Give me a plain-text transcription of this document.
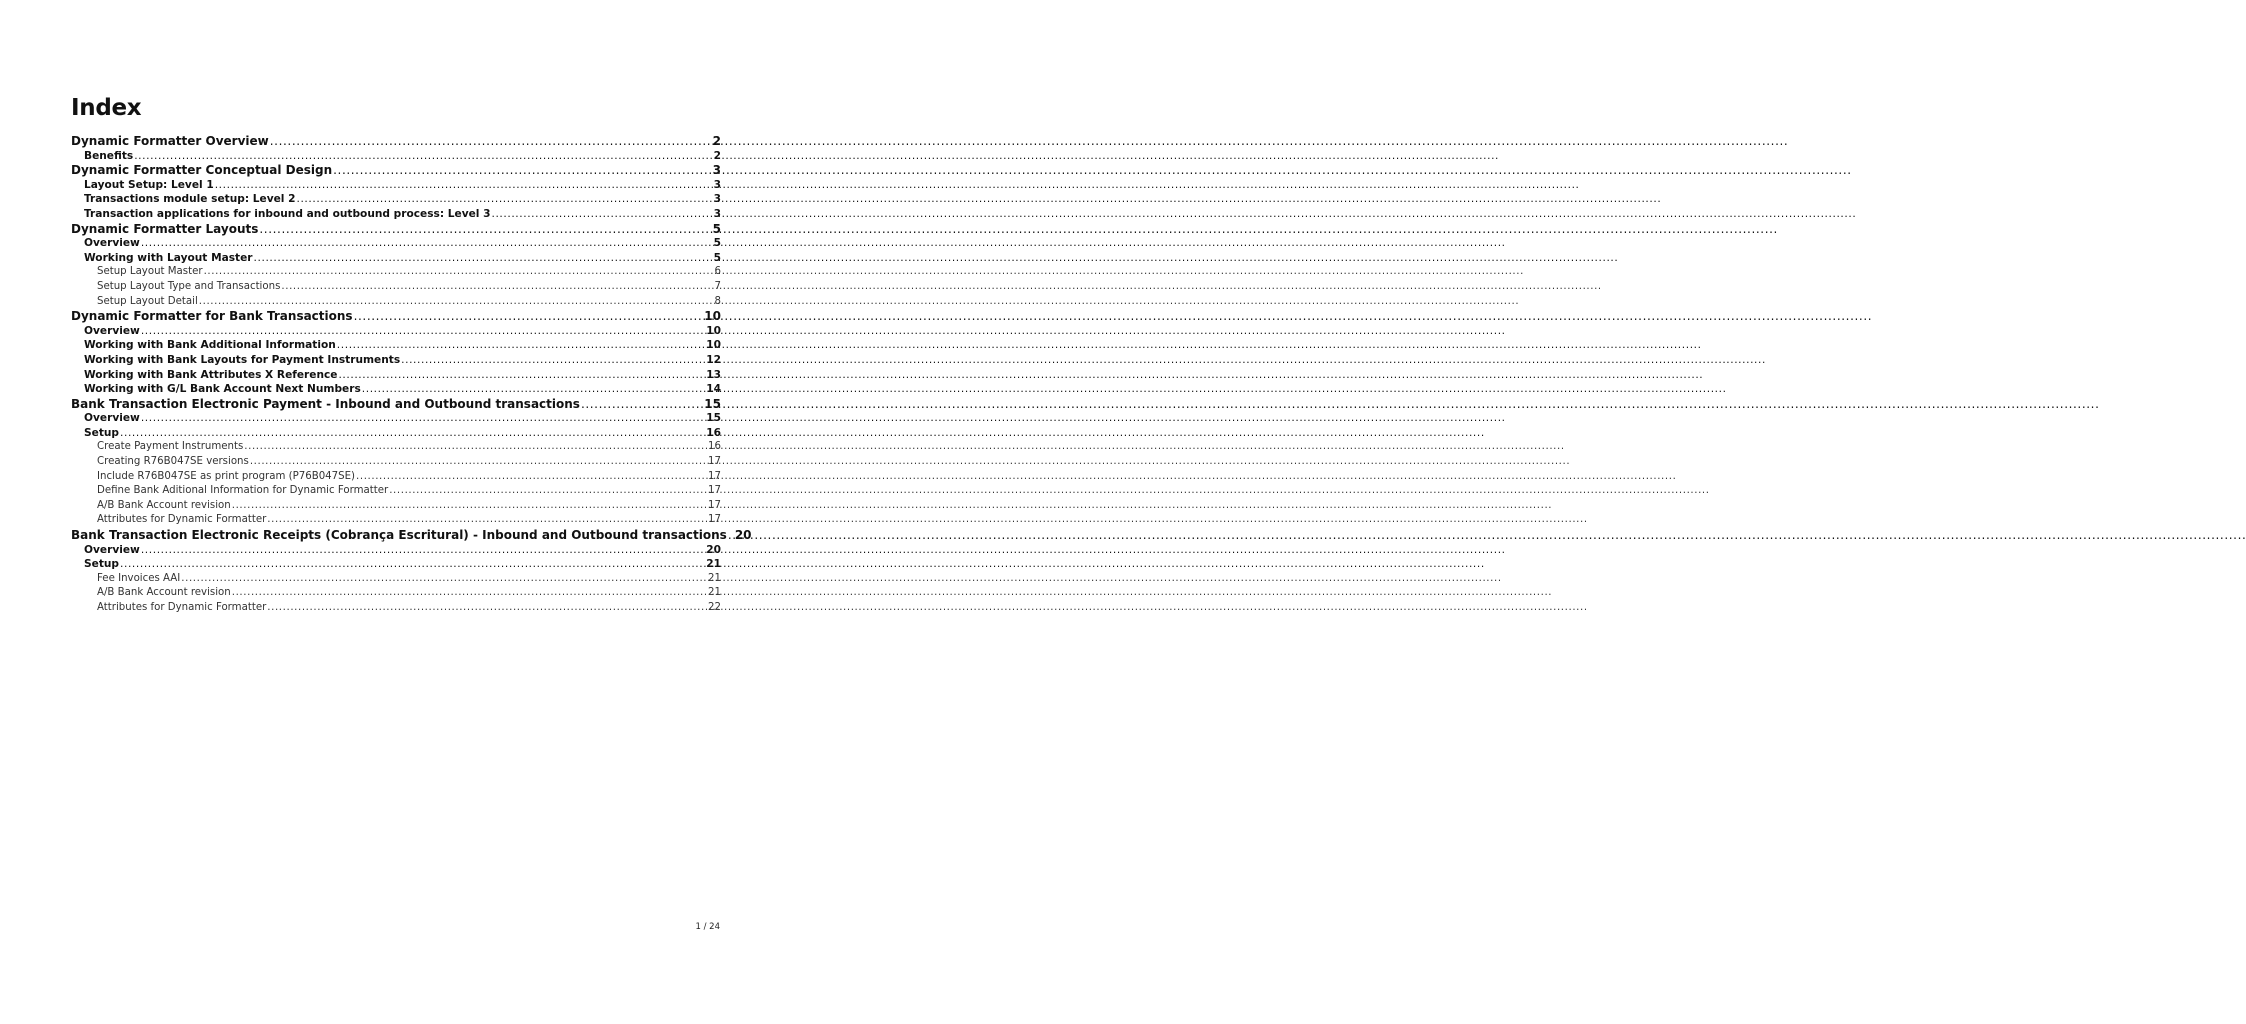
Index
Dynamic Formatter Overview .....	2
Benefits .....	2
Dynamic Formatter Conceptual Design .....	3
Layout Setup: Level 1 .....	3
Transactions module setup: Level 2 .....	3
Transaction applications for inbound and outbound process: Level 3 .....	3
Dynamic Formatter Layouts .....	5
Overview .....	5
Working with Layout Master .....	5
Setup Layout Master .....	6
Setup Layout Type and Transactions .....	7
Setup Layout Detail .....	8
Dynamic Formatter for Bank Transactions .....	10
Overview .....	10
Working with Bank Additional Information .....	10
Working with Bank Layouts for Payment Instruments .....	12
Working with Bank Attributes X Reference .....	13
Working with G/L Bank Account Next Numbers .....	14
Bank Transaction Electronic Payment - Inbound and Outbound transactions .....	15
Overview .....	15
Setup .....	16
Create Payment Instruments .....	16
Creating R76B047SE versions .....	17
Include R76B047SE as print program (P76B047SE) .....	17
Define Bank Aditional Information for Dynamic Formatter .....	17
A/B Bank Account revision .....	17
Attributes for Dynamic Formatter .....	17
Bank Transaction Electronic Receipts (Cobrança Escritural) - Inbound and Outbound transactions ..... 20
Overview .....	20
Setup .....	21
Fee Invoices AAI .....	21
A/B Bank Account revision .....	21
Attributes for Dynamic Formatter .....	22
1 / 24
